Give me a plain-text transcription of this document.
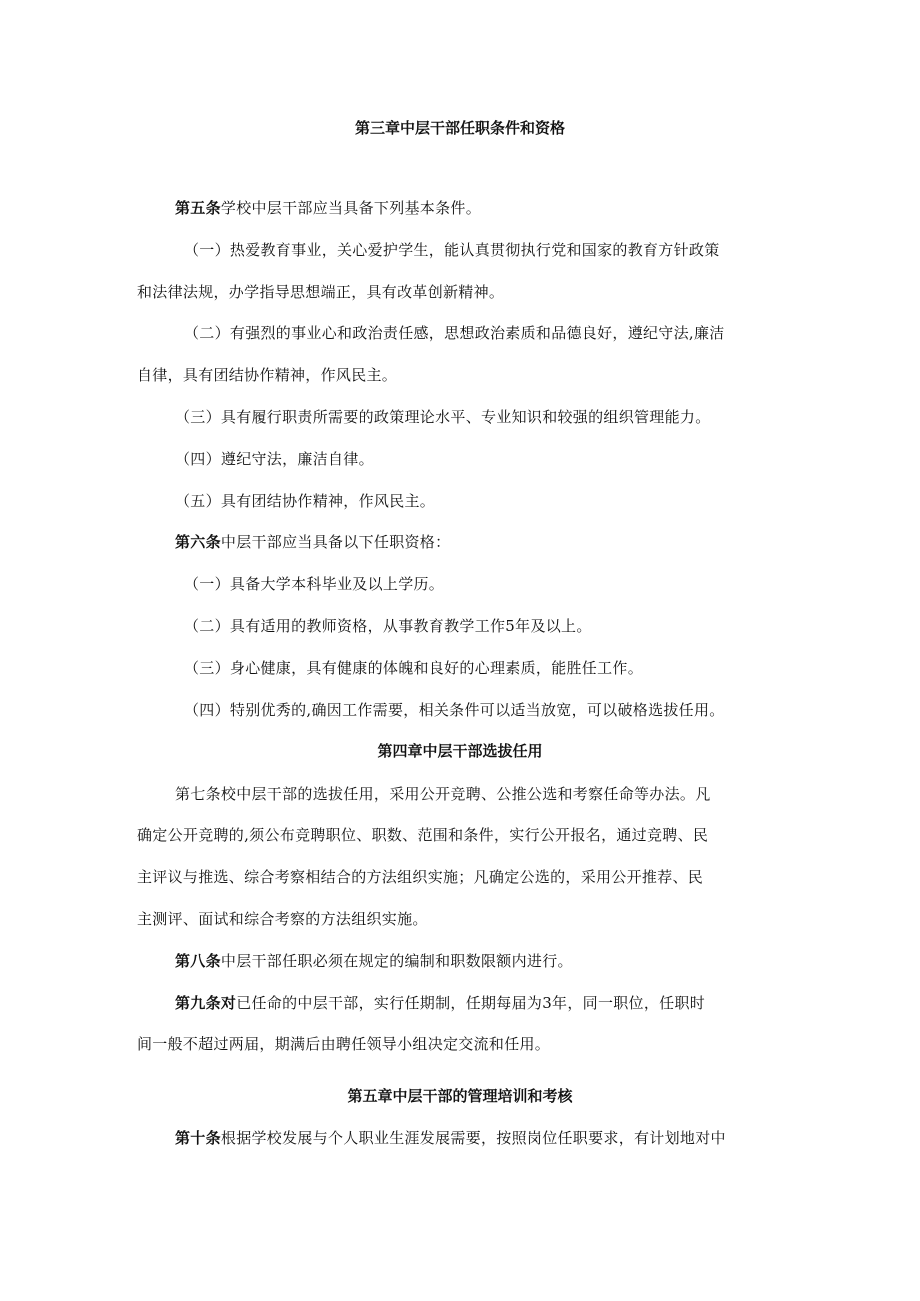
第三章中层干部任职条件和资格
第五条学校中层干部应当具备下列基本条件。
（一）热爱教育事业，关心爱护学生，能认真贯彻执行党和国家的教育方针政策
和法律法规，办学指导思想端正，具有改革创新精神。
（二）有强烈的事业心和政治责任感，思想政治素质和品德良好，遵纪守法,廉洁
自律，具有团结协作精神，作风民主。
（三）具有履行职责所需要的政策理论水平、专业知识和较强的组织管理能力。
（四）遵纪守法，廉洁自律。
（五）具有团结协作精神，作风民主。
第六条中层干部应当具备以下任职资格：
（一）具备大学本科毕业及以上学历。
（二）具有适用的教师资格，从事教育教学工作5年及以上。
（三）身心健康，具有健康的体魄和良好的心理素质，能胜任工作。
（四）特别优秀的,确因工作需要，相关条件可以适当放宽，可以破格选拔任用。
第四章中层干部选拔任用
第七条校中层干部的选拔任用，采用公开竞聘、公推公选和考察任命等办法。凡
确定公开竞聘的,须公布竞聘职位、职数、范围和条件，实行公开报名，通过竞聘、民
主评议与推选、综合考察相结合的方法组织实施；凡确定公选的，采用公开推荐、民
主测评、面试和综合考察的方法组织实施。
第八条中层干部任职必须在规定的编制和职数限额内进行。
第九条对已任命的中层干部，实行任期制，任期每届为3年，同一职位，任职时
间一般不超过两届，期满后由聘任领导小组决定交流和任用。
第五章中层干部的管理培训和考核
第十条根据学校发展与个人职业生涯发展需要，按照岗位任职要求，有计划地对中
